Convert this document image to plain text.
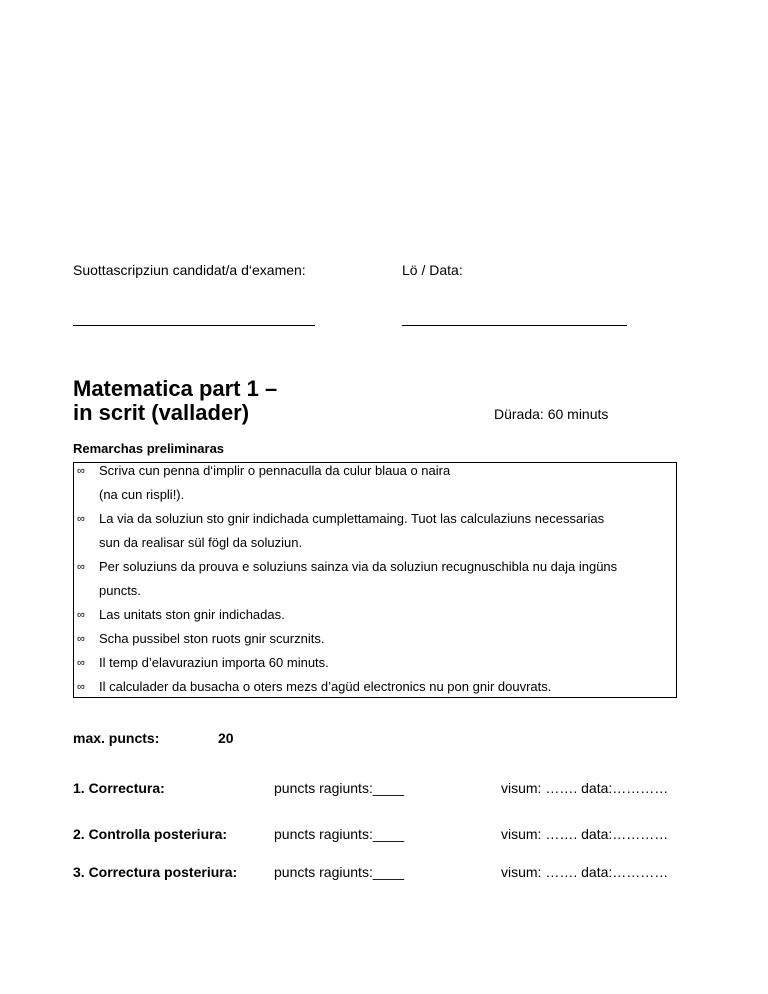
Suottascripziun candidat/a d‘examen:	Lö / Data:
Matematica part 1 –
in scrit (vallader)	Dürada: 60 minuts
Remarchas preliminaras
∞ Scriva cun penna d‘implir o pennaculla da culur blaua o naira
(na cun rispli!).
∞ La via da soluziun sto gnir indichada cumplettamaing. Tuot las calculaziuns necessarias
sun da realisar sül fögl da soluziun.
∞ Per soluziuns da prouva e soluziuns sainza via da soluziun recugnuschibla nu daja ingüns
puncts.
∞ Las unitats ston gnir indichadas.
∞ Scha pussibel ston ruots gnir scurznits.
∞ Il temp d’elavuraziun importa 60 minuts.
∞ Il calculader da busacha o oters mezs d’agüd electronics nu pon gnir douvrats.
max. puncts:	20
1. Correctura:	puncts ragiunts:____	visum: ……. data:…………
2. Controlla posteriura:	puncts ragiunts:____	visum: ……. data:…………
3. Correctura posteriura:	puncts ragiunts:____	visum: ……. data:…………
